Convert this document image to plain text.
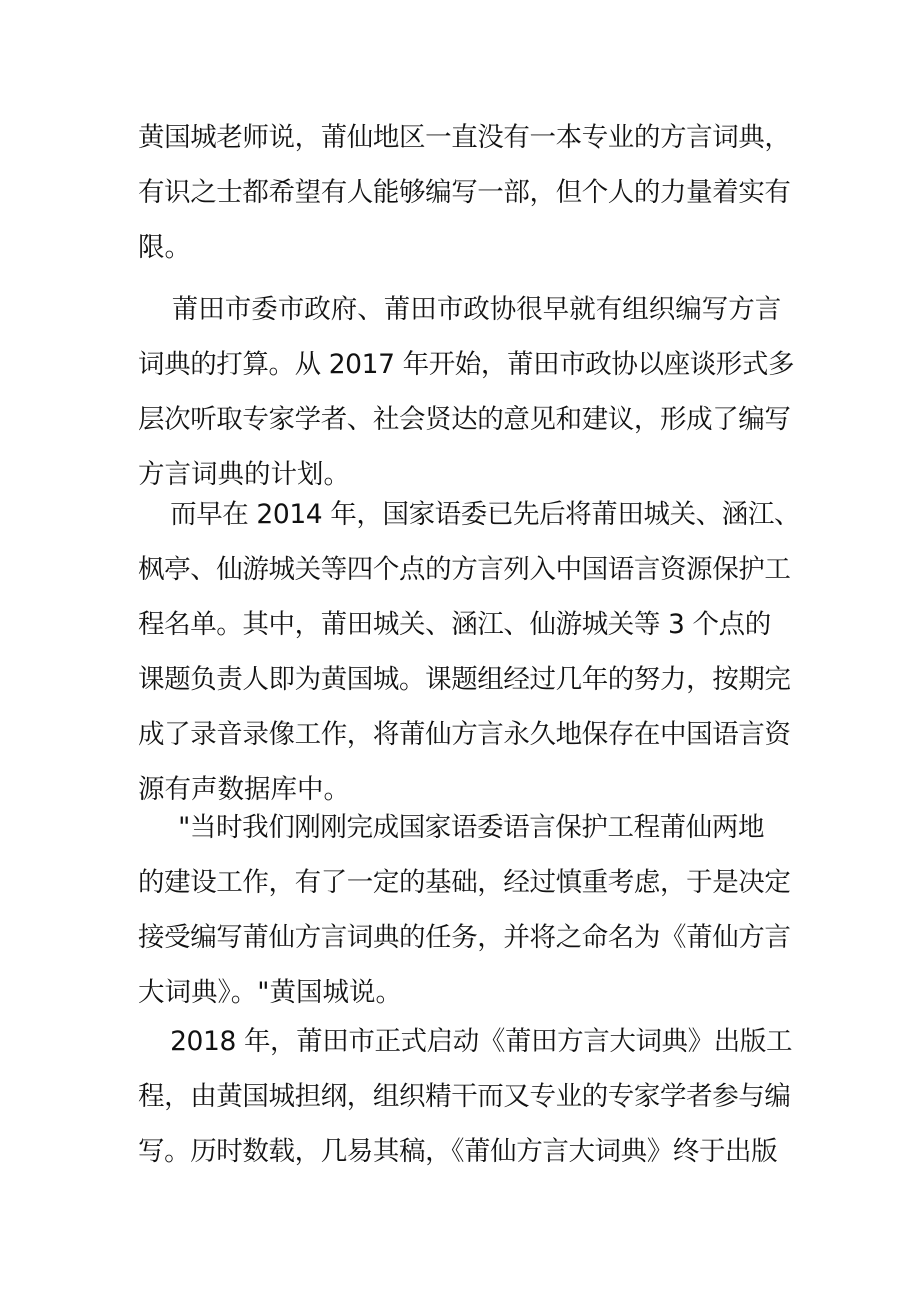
黄国城老师说，莆仙地区一直没有一本专业的方言词典，
有识之士都希望有人能够编写一部，但个人的力量着实有
限。
莆田市委市政府、莆田市政协很早就有组织编写方言
词典的打算。从 2017 年开始，莆田市政协以座谈形式多
层次听取专家学者、社会贤达的意见和建议，形成了编写
方言词典的计划。
而早在 2014 年，国家语委已先后将莆田城关、涵江、
枫亭、仙游城关等四个点的方言列入中国语言资源保护工
程名单。其中，莆田城关、涵江、仙游城关等 3 个点的
课题负责人即为黄国城。课题组经过几年的努力，按期完
成了录音录像工作，将莆仙方言永久地保存在中国语言资
源有声数据库中。
"当时我们刚刚完成国家语委语言保护工程莆仙两地
的建设工作，有了一定的基础，经过慎重考虑，于是决定
接受编写莆仙方言词典的任务，并将之命名为《莆仙方言
大词典》。"黄国城说。
2018 年，莆田市正式启动《莆田方言大词典》出版工
程，由黄国城担纲，组织精干而又专业的专家学者参与编
写。历时数载，几易其稿，《莆仙方言大词典》终于出版
